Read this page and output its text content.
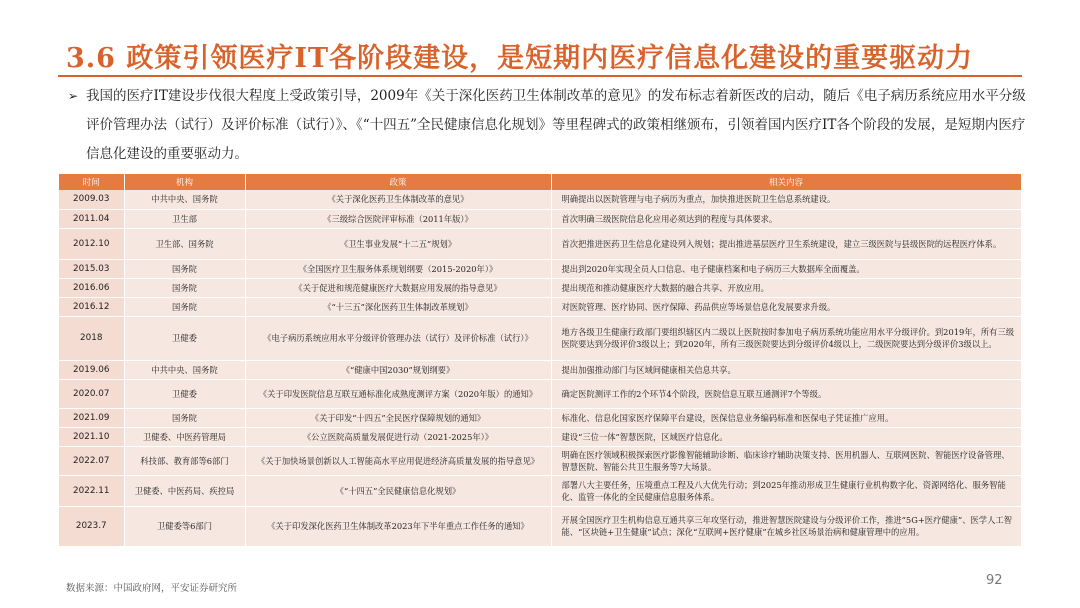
3.6 政策引领医疗IT各阶段建设，是短期内医疗信息化建设的重要驱动力
➢ 我国的医疗IT建设步伐很大程度上受政策引导，2009年《关于深化医药卫生体制改革的意见》的发布标志着新医改的启动，随后《电子病历系统应用水平分级评价管理办法（试行）及评价标准（试行）》、《“十四五”全民健康信息化规划》等里程碑式的政策相继颁布，引领着国内医疗IT各个阶段的发展，是短期内医疗信息化建设的重要驱动力。
时间	机构	政策	相关内容
2009.03	中共中央、国务院	《关于深化医药卫生体制改革的意见》	明确提出以医院管理与电子病历为重点，加快推进医院卫生信息系统建设。
2011.04	卫生部	《三级综合医院评审标准（2011年版）》	首次明确三级医院信息化应用必须达到的程度与具体要求。
2012.10	卫生部、国务院	《卫生事业发展“十二五”规划》	首次把推进医药卫生信息化建设列入规划；提出推进基层医疗卫生系统建设，建立三级医院与县级医院的远程医疗体系。
2015.03	国务院	《全国医疗卫生服务体系规划纲要（2015-2020年）》	提出到2020年实现全员人口信息、电子健康档案和电子病历三大数据库全面覆盖。
2016.06	国务院	《关于促进和规范健康医疗大数据应用发展的指导意见》	提出规范和推动健康医疗大数据的融合共享、开放应用。
2016.12	国务院	《“十三五”深化医药卫生体制改革规划》	对医院管理、医疗协同、医疗保障、药品供应等场景信息化发展要求升级。
2018	卫健委	《电子病历系统应用水平分级评价管理办法（试行）及评价标准（试行）》	地方各级卫生健康行政部门要组织辖区内二级以上医院按时参加电子病历系统功能应用水平分级评价。到2019年，所有三级医院要达到分级评价3级以上；到2020年，所有三级医院要达到分级评价4级以上，二级医院要达到分级评价3级以上。
2019.06	中共中央、国务院	《“健康中国2030”规划纲要》	提出加强推动部门与区域间健康相关信息共享。
2020.07	卫健委	《关于印发医院信息互联互通标准化成熟度测评方案（2020年版）的通知》	确定医院测评工作的2个环节4个阶段，医院信息互联互通测评7个等级。
2021.09	国务院	《关于印发“十四五”全民医疗保障规划的通知》	标准化、信息化国家医疗保障平台建设，医保信息业务编码标准和医保电子凭证推广应用。
2021.10	卫健委、中医药管理局	《公立医院高质量发展促进行动（2021-2025年）》	建设“三位一体”智慧医院，区域医疗信息化。
2022.07	科技部、教育部等6部门	《关于加快场景创新以人工智能高水平应用促进经济高质量发展的指导意见》	明确在医疗领域积极探索医疗影像智能辅助诊断、临床诊疗辅助决策支持、医用机器人、互联网医院、智能医疗设备管理、智慧医院、智能公共卫生服务等7大场景。
2022.11	卫健委、中医药局、疾控局	《“十四五”全民健康信息化规划》	部署八大主要任务，压境重点工程及八大优先行动；到2025年推动形成卫生健康行业机构数字化、资源网络化、服务智能化、监管一体化的全民健康信息服务体系。
2023.7	卫健委等6部门	《关于印发深化医药卫生体制改革2023年下半年重点工作任务的通知》	开展全国医疗卫生机构信息互通共享三年攻坚行动，推进智慧医院建设与分级评价工作，推进“5G+医疗健康”、医学人工智能、“区块链+卫生健康”试点；深化“互联网+医疗健康”在城乡社区场景治病和健康管理中的应用。
数据来源：中国政府网，平安证券研究所
92
